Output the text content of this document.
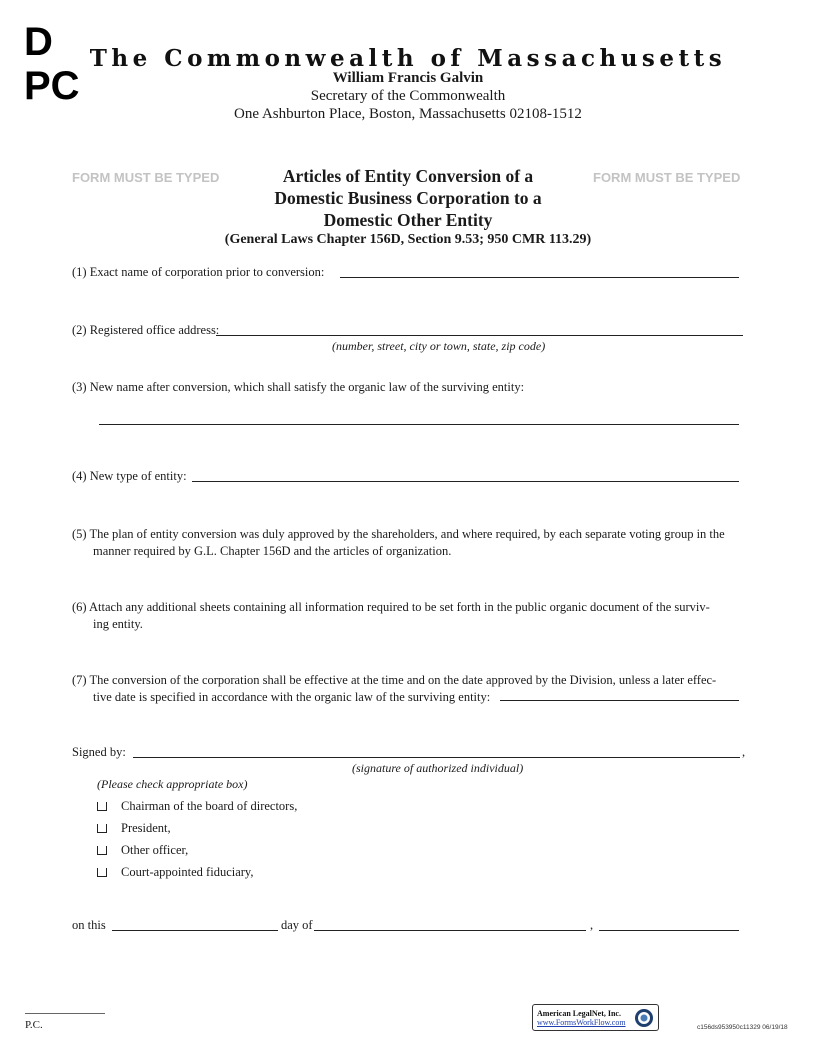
D
PC
The Commonwealth of Massachusetts
William Francis Galvin
Secretary of the Commonwealth
One Ashburton Place, Boston, Massachusetts 02108-1512
FORM MUST BE TYPED	FORM MUST BE TYPED
Articles of Entity Conversion of a
Domestic Business Corporation to a
Domestic Other Entity
(General Laws Chapter 156D, Section 9.53; 950 CMR 113.29)
(1) Exact name of corporation prior to conversion:
(2) Registered office address:
(number, street, city or town, state, zip code)
(3) New name after conversion, which shall satisfy the organic law of the surviving entity:
(4) New type of entity:
(5) The plan of entity conversion was duly approved by the shareholders, and where required, by each separate voting group in the
manner required by G.L. Chapter 156D and the articles of organization.
(6) Attach any additional sheets containing all information required to be set forth in the public organic document of the surviv-
ing entity.
(7) The conversion of the corporation shall be effective at the time and on the date approved by the Division, unless a later effec-
tive date is specified in accordance with the organic law of the surviving entity:
Signed by:	,
(signature of authorized individual)
(Please check appropriate box)
Chairman of the board of directors,
President,
Other officer,
Court-appointed fiduciary,
on this	day of	,
P.C.
American LegalNet, Inc.
www.FormsWorkFlow.com
c156ds953950c11329 06/19/18
